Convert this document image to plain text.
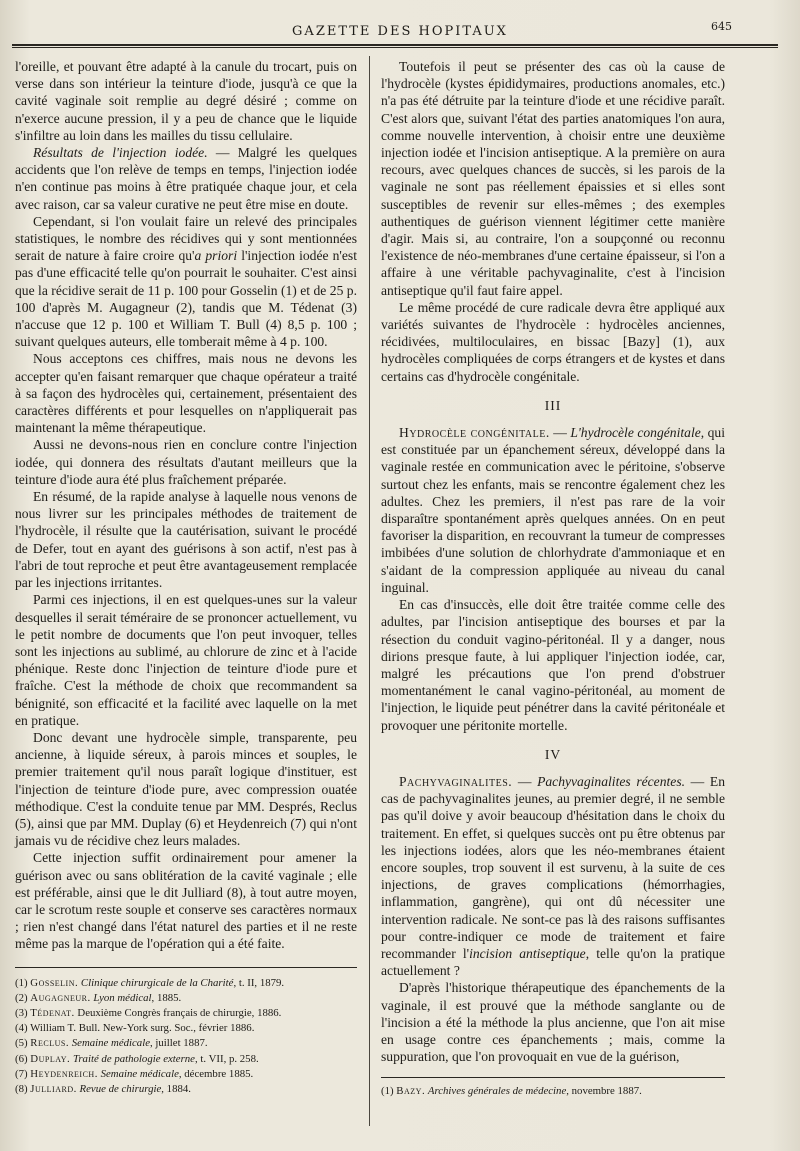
GAZETTE DES HOPITAUX	645

l'oreille, et pouvant être adapté à la canule du trocart, puis on verse dans son intérieur la teinture d'iode, jusqu'à ce que la cavité vaginale soit remplie au degré désiré ; comme on n'exerce aucune pression, il y a peu de chance que le liquide s'infiltre au loin dans les mailles du tissu cellulaire.

Résultats de l'injection iodée. — Malgré les quelques accidents que l'on relève de temps en temps, l'injection iodée n'en continue pas moins à être pratiquée chaque jour, et cela avec raison, car sa valeur curative ne peut être mise en doute.

Cependant, si l'on voulait faire un relevé des principales statistiques, le nombre des récidives qui y sont mentionnées serait de nature à faire croire qu'a priori l'injection iodée n'est pas d'une efficacité telle qu'on pourrait le souhaiter. C'est ainsi que la récidive serait de 11 p. 100 pour Gosselin (1) et de 25 p. 100 d'après M. Augagneur (2), tandis que M. Tédenat (3) n'accuse que 12 p. 100 et William T. Bull (4) 8,5 p. 100 ; suivant quelques auteurs, elle tomberait même à 4 p. 100.

Nous acceptons ces chiffres, mais nous ne devons les accepter qu'en faisant remarquer que chaque opérateur a traité à sa façon des hydrocèles qui, certainement, présentaient des caractères différents et pour lesquelles on n'appliquerait pas maintenant la même thérapeutique.

Aussi ne devons-nous rien en conclure contre l'injection iodée, qui donnera des résultats d'autant meilleurs que la teinture d'iode aura été plus fraîchement préparée.

En résumé, de la rapide analyse à laquelle nous venons de nous livrer sur les principales méthodes de traitement de l'hydrocèle, il résulte que la cautérisation, suivant le procédé de Defer, tout en ayant des guérisons à son actif, n'est pas à l'abri de tout reproche et peut être avantageusement remplacée par les injections irritantes.

Parmi ces injections, il en est quelques-unes sur la valeur desquelles il serait téméraire de se prononcer actuellement, vu le petit nombre de documents que l'on peut invoquer, telles sont les injections au sublimé, au chlorure de zinc et à l'acide phénique. Reste donc l'injection de teinture d'iode pure et fraîche. C'est la méthode de choix que recommandent sa bénignité, son efficacité et la facilité avec laquelle on la met en pratique.

Donc devant une hydrocèle simple, transparente, peu ancienne, à liquide séreux, à parois minces et souples, le premier traitement qu'il nous paraît logique d'instituer, est l'injection de teinture d'iode pure, avec compression ouatée méthodique. C'est la conduite tenue par MM. Després, Reclus (5), ainsi que par MM. Duplay (6) et Heydenreich (7) qui n'ont jamais vu de récidive chez leurs malades.

Cette injection suffit ordinairement pour amener la guérison avec ou sans oblitération de la cavité vaginale ; elle est préférable, ainsi que le dit Julliard (8), à tout autre moyen, car le scrotum reste souple et conserve ses caractères normaux ; rien n'est changé dans l'état naturel des parties et il ne reste même pas la marque de l'opération qui a été faite.

(1) Gosselin. Clinique chirurgicale de la Charité, t. II, 1879.
(2) Augagneur. Lyon médical, 1885.
(3) Tédenat. Deuxième Congrès français de chirurgie, 1886.
(4) William T. Bull. New-York surg. Soc., février 1886.
(5) Reclus. Semaine médicale, juillet 1887.
(6) Duplay. Traité de pathologie externe, t. VII, p. 258.
(7) Heydenreich. Semaine médicale, décembre 1885.
(8) Julliard. Revue de chirurgie, 1884.

Toutefois il peut se présenter des cas où la cause de l'hydrocèle (kystes épididymaires, productions anomales, etc.) n'a pas été détruite par la teinture d'iode et une récidive paraît. C'est alors que, suivant l'état des parties anatomiques l'on aura, comme nouvelle intervention, à choisir entre une deuxième injection iodée et l'incision antiseptique. A la première on aura recours, avec quelques chances de succès, si les parois de la vaginale ne sont pas réellement épaissies et si elles sont susceptibles de revenir sur elles-mêmes ; des exemples authentiques de guérison viennent légitimer cette manière d'agir. Mais si, au contraire, l'on a soupçonné ou reconnu l'existence de néo-membranes d'une certaine épaisseur, si l'on a affaire à une véritable pachyvaginalite, c'est à l'incision antiseptique qu'il faut faire appel.

Le même procédé de cure radicale devra être appliqué aux variétés suivantes de l'hydrocèle : hydrocèles anciennes, récidivées, multiloculaires, en bissac [Bazy] (1), aux hydrocèles compliquées de corps étrangers et de kystes et dans certains cas d'hydrocèle congénitale.

III

Hydrocèle congénitale. — L'hydrocèle congénitale, qui est constituée par un épanchement séreux, développé dans la vaginale restée en communication avec le péritoine, s'observe surtout chez les enfants, mais se rencontre également chez les adultes. Chez les premiers, il n'est pas rare de la voir disparaître spontanément après quelques années. On en peut favoriser la disparition, en recouvrant la tumeur de compresses imbibées d'une solution de chlorhydrate d'ammoniaque et en s'aidant de la compression appliquée au niveau du canal inguinal.

En cas d'insuccès, elle doit être traitée comme celle des adultes, par l'incision antiseptique des bourses et par la résection du conduit vagino-péritonéal. Il y a danger, nous dirions presque faute, à lui appliquer l'injection iodée, car, malgré les précautions que l'on prend d'obstruer momentanément le canal vagino-péritonéal, au moment de l'injection, le liquide peut pénétrer dans la cavité péritonéale et provoquer une péritonite mortelle.

IV

Pachyvaginalites. — Pachyvaginalites récentes. — En cas de pachyvaginalites jeunes, au premier degré, il ne semble pas qu'il doive y avoir beaucoup d'hésitation dans le choix du traitement. En effet, si quelques succès ont pu être obtenus par les injections iodées, alors que les néo-membranes étaient encore souples, trop souvent il est survenu, à la suite de ces injections, de graves complications (hémorrhagies, inflammation, gangrène), qui ont dû nécessiter une intervention radicale. Ne sont-ce pas là des raisons suffisantes pour contre-indiquer ce mode de traitement et faire recommander l'incision antiseptique, telle qu'on la pratique actuellement ?

D'après l'historique thérapeutique des épanchements de la vaginale, il est prouvé que la méthode sanglante ou de l'incision a été la méthode la plus ancienne, que l'on ait mise en usage contre ces épanchements ; mais, comme la suppuration, que l'on provoquait en vue de la guérison,

(1) Bazy. Archives générales de médecine, novembre 1887.
